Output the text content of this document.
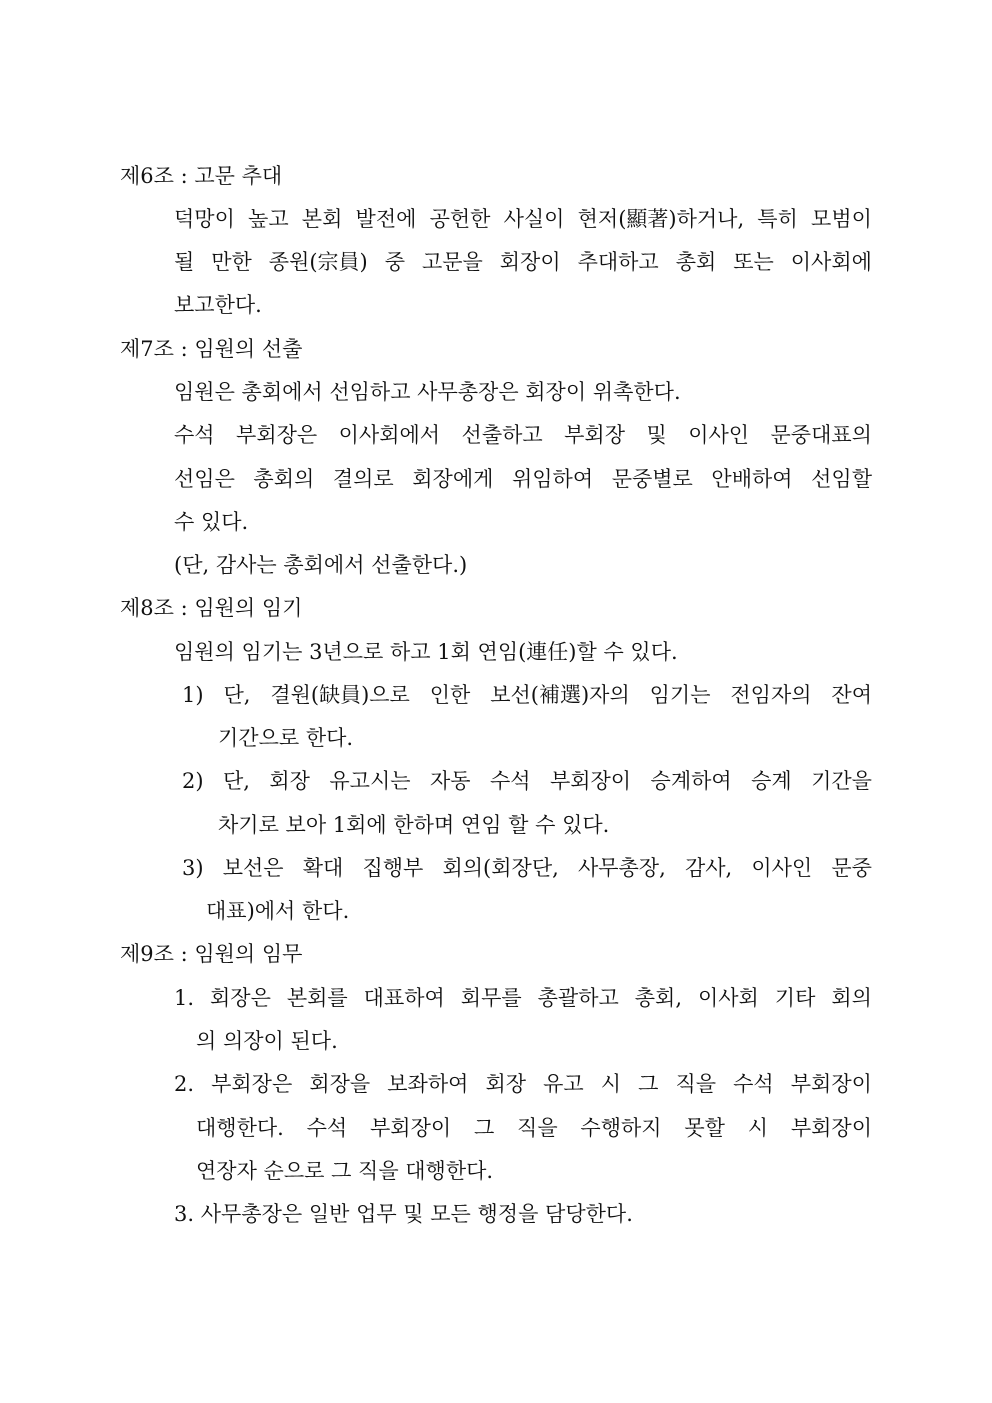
제6조 : 고문 추대
덕망이 높고 본회 발전에 공헌한 사실이 현저(顯著)하거나, 특히 모범이
될 만한 종원(宗員) 중 고문을 회장이 추대하고 총회 또는 이사회에
보고한다.
제7조 : 임원의 선출
임원은 총회에서 선임하고 사무총장은 회장이 위촉한다.
수석 부회장은 이사회에서 선출하고 부회장 및 이사인 문중대표의
선임은 총회의 결의로 회장에게 위임하여 문중별로 안배하여 선임할
수 있다.
(단, 감사는 총회에서 선출한다.)
제8조 : 임원의 임기
임원의 임기는 3년으로 하고 1회 연임(連任)할 수 있다.
1) 단, 결원(缺員)으로 인한 보선(補選)자의 임기는 전임자의 잔여
기간으로 한다.
2) 단, 회장 유고시는 자동 수석 부회장이 승계하여 승계 기간을
차기로 보아 1회에 한하며 연임 할 수 있다.
3) 보선은 확대 집행부 회의(회장단, 사무총장, 감사, 이사인 문중
대표)에서 한다.
제9조 : 임원의 임무
1. 회장은 본회를 대표하여 회무를 총괄하고 총회, 이사회 기타 회의
의 의장이 된다.
2. 부회장은 회장을 보좌하여 회장 유고 시 그 직을 수석 부회장이
대행한다. 수석 부회장이 그 직을 수행하지 못할 시 부회장이
연장자 순으로 그 직을 대행한다.
3. 사무총장은 일반 업무 및 모든 행정을 담당한다.
